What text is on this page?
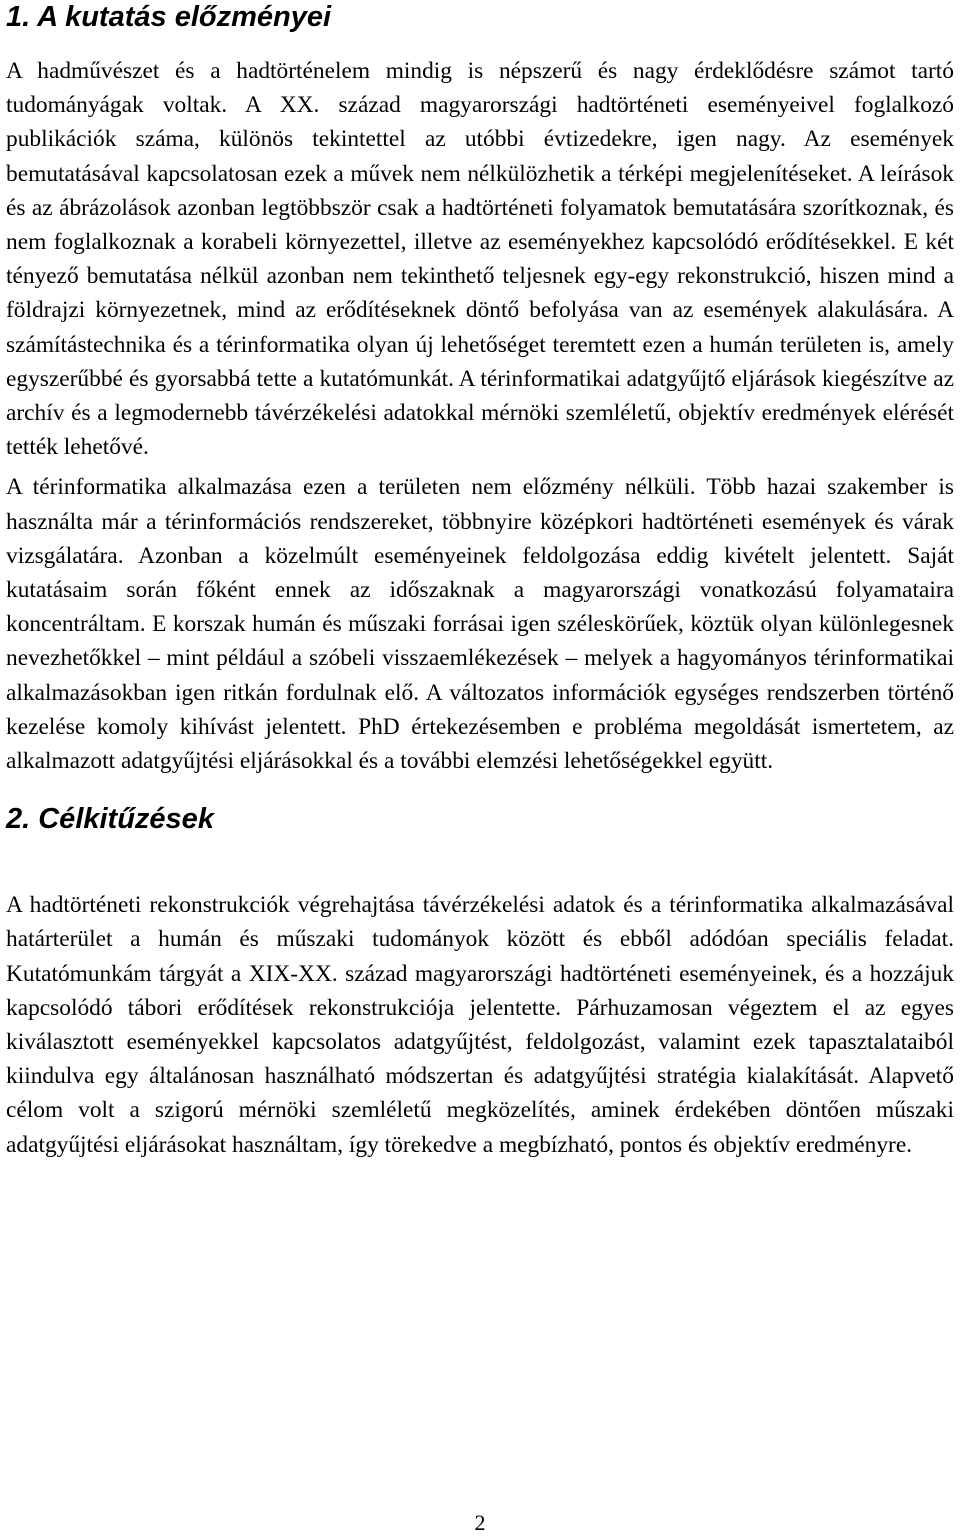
1. A kutatás előzményei

A hadművészet és a hadtörténelem mindig is népszerű és nagy érdeklődésre számot tartó tudományágak voltak. A XX. század magyarországi hadtörténeti eseményeivel foglalkozó publikációk száma, különös tekintettel az utóbbi évtizedekre, igen nagy. Az események bemutatásával kapcsolatosan ezek a művek nem nélkülözhetik a térképi megjelenítéseket. A leírások és az ábrázolások azonban legtöbbször csak a hadtörténeti folyamatok bemutatására szorítkoznak, és nem foglalkoznak a korabeli környezettel, illetve az eseményekhez kapcsolódó erődítésekkel. E két tényező bemutatása nélkül azonban nem tekinthető teljesnek egy-egy rekonstrukció, hiszen mind a földrajzi környezetnek, mind az erődítéseknek döntő befolyása van az események alakulására. A számítástechnika és a térinformatika olyan új lehetőséget teremtett ezen a humán területen is, amely egyszerűbbé és gyorsabbá tette a kutatómunkát. A térinformatikai adatgyűjtő eljárások kiegészítve az archív és a legmodernebb távérzékelési adatokkal mérnöki szemléletű, objektív eredmények elérését tették lehetővé.

A térinformatika alkalmazása ezen a területen nem előzmény nélküli. Több hazai szakember is használta már a térinformációs rendszereket, többnyire középkori hadtörténeti események és várak vizsgálatára. Azonban a közelmúlt eseményeinek feldolgozása eddig kivételt jelentett. Saját kutatásaim során főként ennek az időszaknak a magyarországi vonatkozású folyamataira koncentráltam. E korszak humán és műszaki forrásai igen széleskörűek, köztük olyan különlegesnek nevezhetőkkel – mint például a szóbeli visszaemlékezések – melyek a hagyományos térinformatikai alkalmazásokban igen ritkán fordulnak elő. A változatos információk egységes rendszerben történő kezelése komoly kihívást jelentett. PhD értekezésemben e probléma megoldását ismertetem, az alkalmazott adatgyűjtési eljárásokkal és a további elemzési lehetőségekkel együtt.

2. Célkitűzések

A hadtörténeti rekonstrukciók végrehajtása távérzékelési adatok és a térinformatika alkalmazásával határterület a humán és műszaki tudományok között és ebből adódóan speciális feladat. Kutatómunkám tárgyát a XIX-XX. század magyarországi hadtörténeti eseményeinek, és a hozzájuk kapcsolódó tábori erődítések rekonstrukciója jelentette. Párhuzamosan végeztem el az egyes kiválasztott eseményekkel kapcsolatos adatgyűjtést, feldolgozást, valamint ezek tapasztalataiból kiindulva egy általánosan használható módszertan és adatgyűjtési stratégia kialakítását. Alapvető célom volt a szigorú mérnöki szemléletű megközelítés, aminek érdekében döntően műszaki adatgyűjtési eljárásokat használtam, így törekedve a megbízható, pontos és objektív eredményre.

2
